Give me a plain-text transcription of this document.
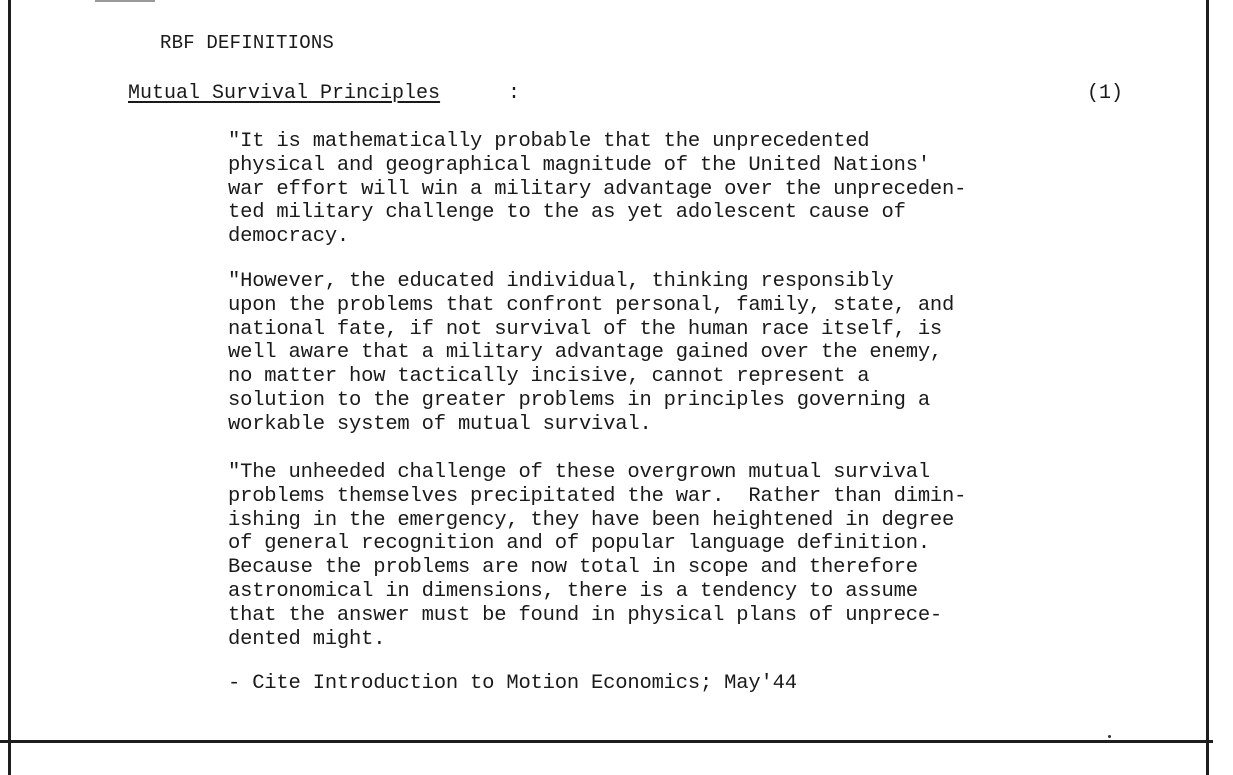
RBF DEFINITIONS
Mutual Survival Principles	:	(1)

"It is mathematically probable that the unprecedented
physical and geographical magnitude of the United Nations'
war effort will win a military advantage over the unpreceden-
ted military challenge to the as yet adolescent cause of
democracy.

"However, the educated individual, thinking responsibly
upon the problems that confront personal, family, state, and
national fate, if not survival of the human race itself, is
well aware that a military advantage gained over the enemy,
no matter how tactically incisive, cannot represent a
solution to the greater problems in principles governing a
workable system of mutual survival.

"The unheeded challenge of these overgrown mutual survival
problems themselves precipitated the war.  Rather than dimin-
ishing in the emergency, they have been heightened in degree
of general recognition and of popular language definition.
Because the problems are now total in scope and therefore
astronomical in dimensions, there is a tendency to assume
that the answer must be found in physical plans of unprece-
dented might.

- Cite Introduction to Motion Economics; May'44
